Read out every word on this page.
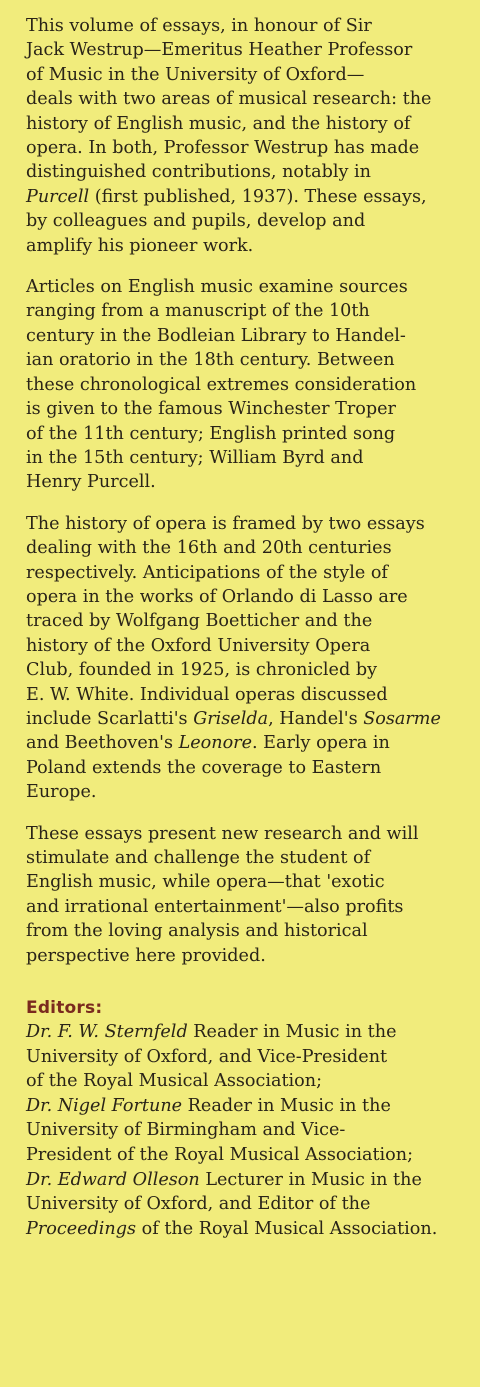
This volume of essays, in honour of Sir
Jack Westrup—Emeritus Heather Professor
of Music in the University of Oxford—
deals with two areas of musical research: the
history of English music, and the history of
opera. In both, Professor Westrup has made
distinguished contributions, notably in
Purcell (first published, 1937). These essays,
by colleagues and pupils, develop and
amplify his pioneer work.
Articles on English music examine sources
ranging from a manuscript of the 10th
century in the Bodleian Library to Handel-
ian oratorio in the 18th century. Between
these chronological extremes consideration
is given to the famous Winchester Troper
of the 11th century; English printed song
in the 15th century; William Byrd and
Henry Purcell.
The history of opera is framed by two essays
dealing with the 16th and 20th centuries
respectively. Anticipations of the style of
opera in the works of Orlando di Lasso are
traced by Wolfgang Boetticher and the
history of the Oxford University Opera
Club, founded in 1925, is chronicled by
E. W. White. Individual operas discussed
include Scarlatti's Griselda, Handel's Sosarme
and Beethoven's Leonore. Early opera in
Poland extends the coverage to Eastern
Europe.
These essays present new research and will
stimulate and challenge the student of
English music, while opera—that 'exotic
and irrational entertainment'—also profits
from the loving analysis and historical
perspective here provided.
Editors:
Dr. F. W. Sternfeld Reader in Music in the
University of Oxford, and Vice-President
of the Royal Musical Association;
Dr. Nigel Fortune Reader in Music in the
University of Birmingham and Vice-
President of the Royal Musical Association;
Dr. Edward Olleson Lecturer in Music in the
University of Oxford, and Editor of the
Proceedings of the Royal Musical Association.
